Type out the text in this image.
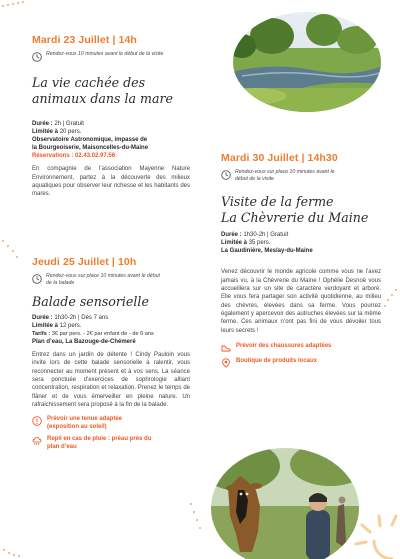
Mardi 23 Juillet | 14h
Rendez-vous 10 minutes avant le début de la visite
La vie cachée des
animaux dans la mare
Durée : 2h | Gratuit
Limitée à 20 pers.
Observatoire Astronomique, impasse de
la Bourgeoiserie, Maisoncelles-du-Maine
Réservations : 02.43.02.97.56
En compagnie de l’association Mayenne Nature Environnement, partez à la découverte des milieux aquatiques pour observer leur richesse et les habitants des mares.
Mardi 30 Juillet | 14h30
Rendez-vous sur place 10 minutes avant le début de la visite
Visite de la ferme
La Chèvrerie du Maine
Durée : 1h30-2h | Gratuit
Limitée à 35 pers.
La Gaudinière, Meslay-du-Maine
Venez découvrir le monde agricole comme vous ne l’avez jamais vu, à la Chèvrerie du Maine ! Ophélie Desnoë vous accueillera sur un site de caractère verdoyant et arboré. Elle vous fera partager son activité quotidienne, au milieu des chèvres, élevées dans sa ferme. Vous pourrez également y apercevoir des autruches élevées sur la même ferme. Ces animaux n’ont pas fini de vous dévoiler tous leurs secrets !
Prévoir des chaussures adaptées
Boutique de produits locaux
Jeudi 25 Juillet | 10h
Rendez-vous sur place 10 minutes avant le début de la balade
Balade sensorielle
Durée : 1h30-2h | Dès 7 ans
Limitée à 12 pers.
Tarifs : 3€ par pers. - 2€ par enfant de - de 6 ans
Plan d’eau, La Bazouge-de-Chémeré
Entrez dans un jardin de détente ! Cindy Pauloin vous invite lors de cette balade sensorielle à ralentir, vous reconnecter au moment présent et à vos sens. La séance sera ponctuée d’exercices de sophrologie alliant concentration, respiration et relaxation. Prenez le temps de flâner et de vous émerveiller en pleine nature. Un rafraichissement sera proposé à la fin de la balade.
Prévoir une tenue adaptée
(exposition au soleil)
Repli en cas de pluie : préau près du
plan d’eau
